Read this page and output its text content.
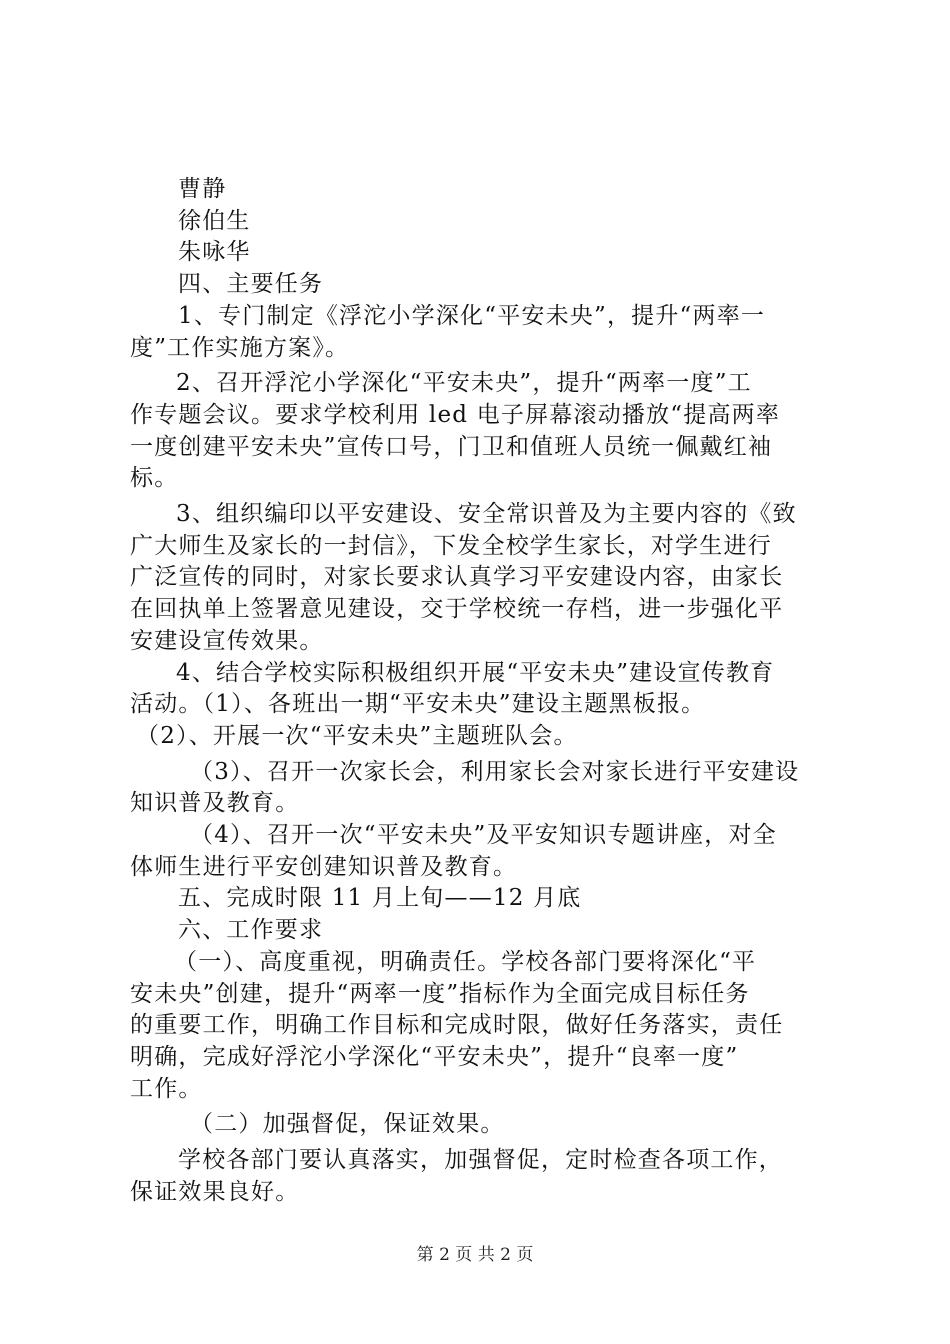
曹静
徐伯生
朱咏华
四、主要任务
1、专门制定《浮沱小学深化“平安未央”，提升“两率一
度”工作实施方案》。
2、召开浮沱小学深化“平安未央”，提升“两率一度”工
作专题会议。要求学校利用 led 电子屏幕滚动播放“提高两率
一度创建平安未央”宣传口号，门卫和值班人员统一佩戴红袖
标。
3、组织编印以平安建设、安全常识普及为主要内容的《致
广大师生及家长的一封信》，下发全校学生家长，对学生进行
广泛宣传的同时，对家长要求认真学习平安建设内容，由家长
在回执单上签署意见建设，交于学校统一存档，进一步强化平
安建设宣传效果。
4、结合学校实际积极组织开展“平安未央”建设宣传教育
活动。（1）、各班出一期“平安未央”建设主题黑板报。
（2）、开展一次“平安未央”主题班队会。
（3）、召开一次家长会，利用家长会对家长进行平安建设
知识普及教育。
（4）、召开一次“平安未央”及平安知识专题讲座，对全
体师生进行平安创建知识普及教育。
五、完成时限 11 月上旬——12 月底
六、工作要求
（一）、高度重视，明确责任。学校各部门要将深化“平
安未央”创建，提升“两率一度”指标作为全面完成目标任务
的重要工作，明确工作目标和完成时限，做好任务落实，责任
明确，完成好浮沱小学深化“平安未央”，提升“良率一度”
工作。
（二）加强督促，保证效果。
学校各部门要认真落实，加强督促，定时检查各项工作，
保证效果良好。
第 2 页 共 2 页
